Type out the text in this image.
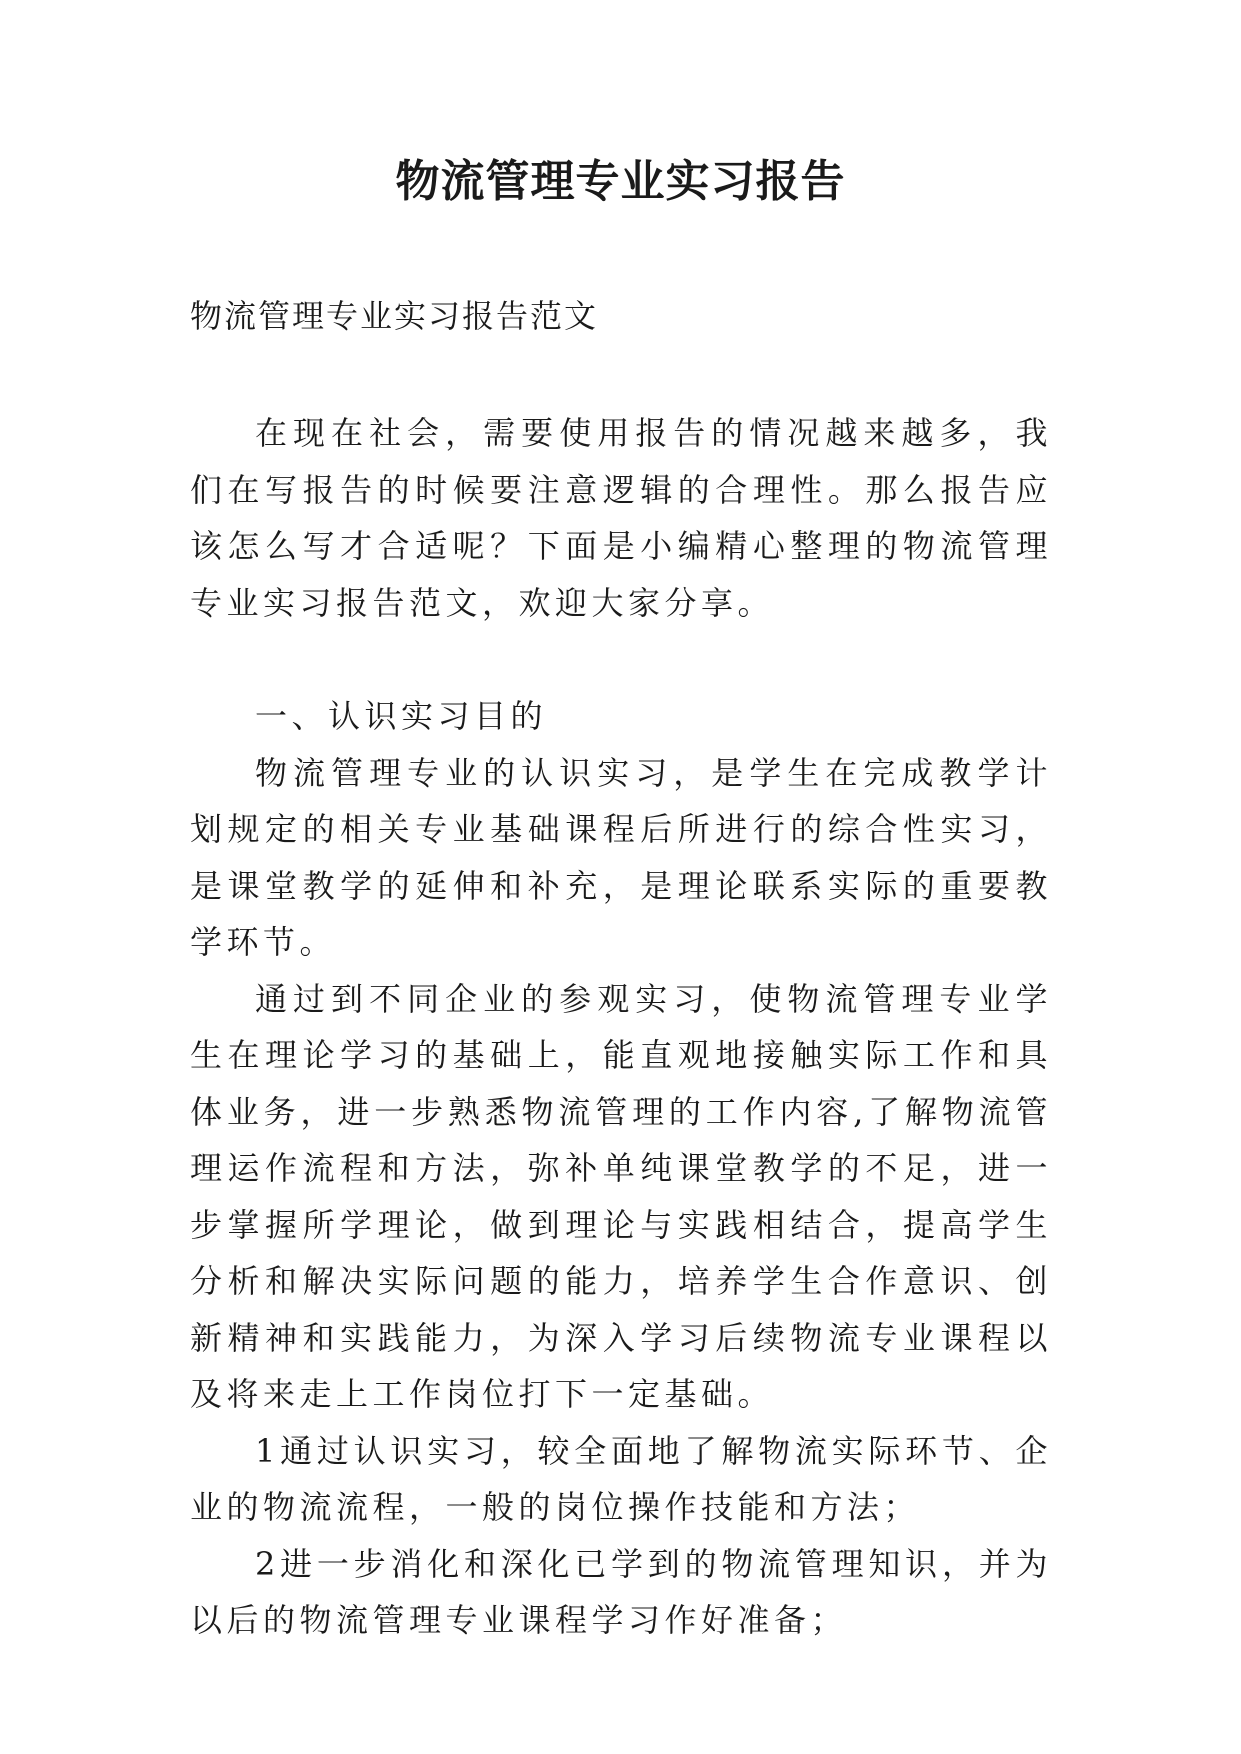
物流管理专业实习报告
物流管理专业实习报告范文

在现在社会，需要使用报告的情况越来越多，我们在写报告的时候要注意逻辑的合理性。那么报告应该怎么写才合适呢？下面是小编精心整理的物流管理专业实习报告范文，欢迎大家分享。

一、认识实习目的

物流管理专业的认识实习，是学生在完成教学计划规定的相关专业基础课程后所进行的综合性实习，是课堂教学的延伸和补充，是理论联系实际的重要教学环节。

通过到不同企业的参观实习，使物流管理专业学生在理论学习的基础上，能直观地接触实际工作和具体业务，进一步熟悉物流管理的工作内容,了解物流管理运作流程和方法，弥补单纯课堂教学的不足，进一步掌握所学理论，做到理论与实践相结合，提高学生分析和解决实际问题的能力，培养学生合作意识、创新精神和实践能力，为深入学习后续物流专业课程以及将来走上工作岗位打下一定基础。

1通过认识实习，较全面地了解物流实际环节、企业的物流流程，一般的岗位操作技能和方法；

2进一步消化和深化已学到的物流管理知识，并为以后的物流管理专业课程学习作好准备；
